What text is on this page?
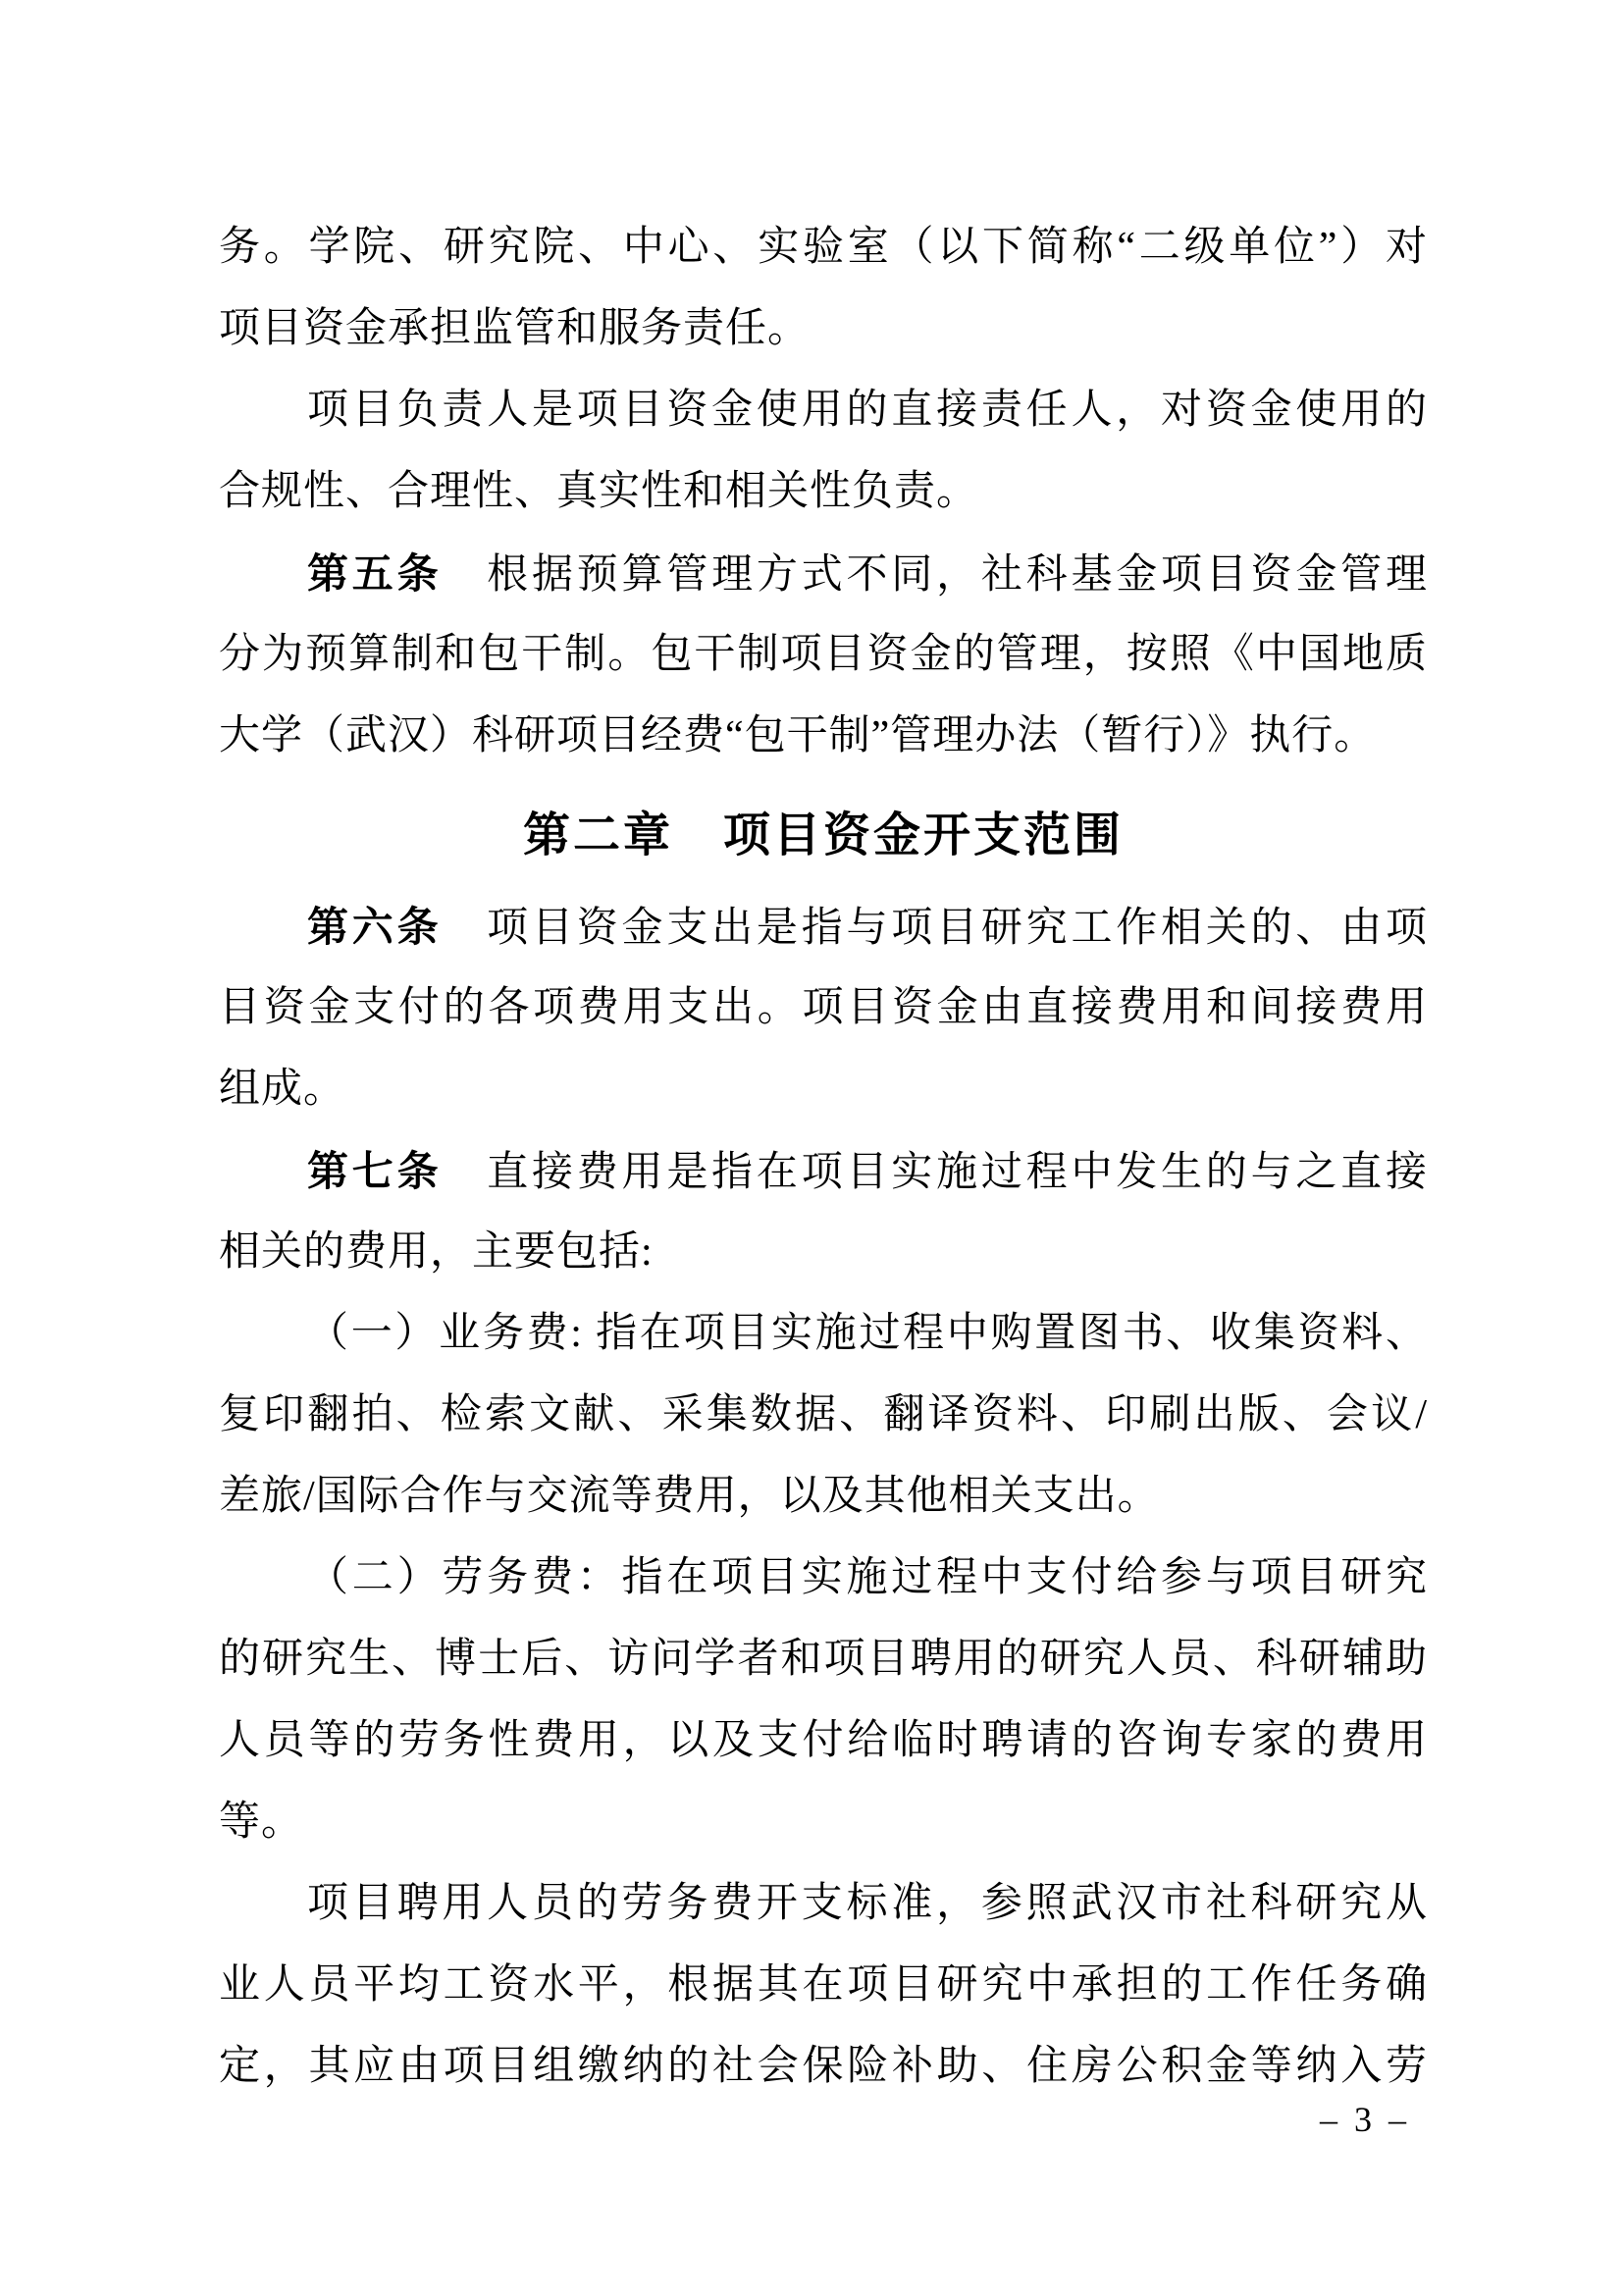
务。学院、研究院、中心、实验室（以下简称“二级单位”）对
项目资金承担监管和服务责任。
项目负责人是项目资金使用的直接责任人，对资金使用的
合规性、合理性、真实性和相关性负责。
第五条　根据预算管理方式不同，社科基金项目资金管理
分为预算制和包干制。包干制项目资金的管理，按照《中国地质
大学（武汉）科研项目经费“包干制”管理办法（暂行）》执行。
第二章　项目资金开支范围
第六条　项目资金支出是指与项目研究工作相关的、由项
目资金支付的各项费用支出。项目资金由直接费用和间接费用
组成。
第七条　直接费用是指在项目实施过程中发生的与之直接
相关的费用，主要包括:
（一）业务费: 指在项目实施过程中购置图书、收集资料、
复印翻拍、检索文献、采集数据、翻译资料、印刷出版、会议/
差旅/国际合作与交流等费用，以及其他相关支出。
（二）劳务费：指在项目实施过程中支付给参与项目研究
的研究生、博士后、访问学者和项目聘用的研究人员、科研辅助
人员等的劳务性费用，以及支付给临时聘请的咨询专家的费用
等。
项目聘用人员的劳务费开支标准，参照武汉市社科研究从
业人员平均工资水平，根据其在项目研究中承担的工作任务确
定，其应由项目组缴纳的社会保险补助、住房公积金等纳入劳
– 3 –
